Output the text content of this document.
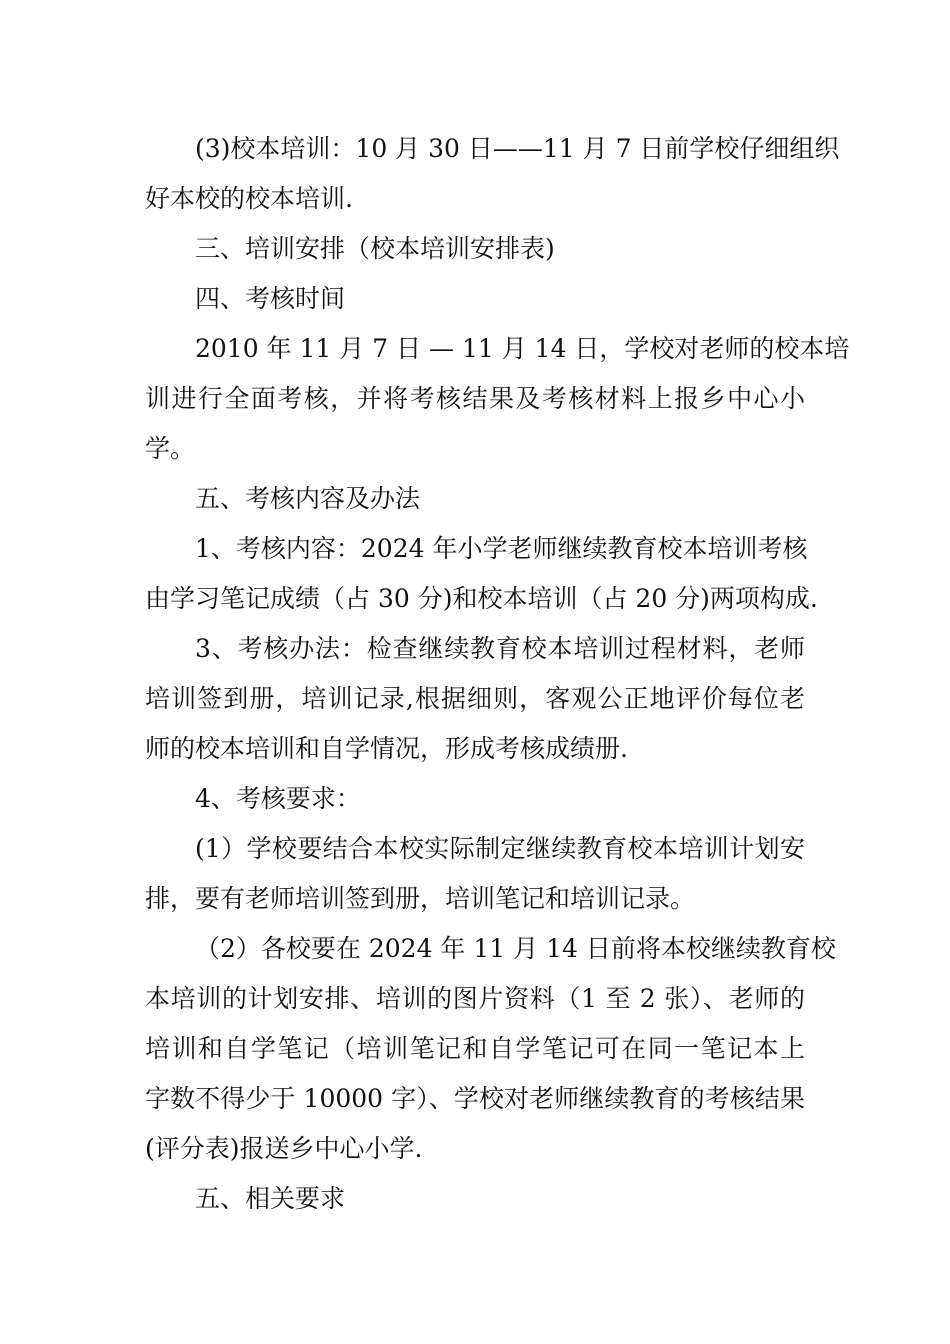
(3)校本培训：10 月 30 日——11 月 7 日前学校仔细组织
好本校的校本培训.
三、培训安排（校本培训安排表)
四、考核时间
2010 年 11 月 7 日 — 11 月 14 日，学校对老师的校本培
训进行全面考核，并将考核结果及考核材料上报乡中心小
学。
五、考核内容及办法
1、考核内容：2024 年小学老师继续教育校本培训考核
由学习笔记成绩（占 30 分)和校本培训（占 20 分)两项构成.
3、考核办法：检查继续教育校本培训过程材料，老师
培训签到册，培训记录,根据细则，客观公正地评价每位老
师的校本培训和自学情况，形成考核成绩册.
4、考核要求：
(1）学校要结合本校实际制定继续教育校本培训计划安
排，要有老师培训签到册，培训笔记和培训记录。
（2）各校要在 2024 年 11 月 14 日前将本校继续教育校
本培训的计划安排、培训的图片资料（1 至 2 张）、老师的
培训和自学笔记（培训笔记和自学笔记可在同一笔记本上
字数不得少于 10000 字）、学校对老师继续教育的考核结果
(评分表)报送乡中心小学.
五、相关要求
